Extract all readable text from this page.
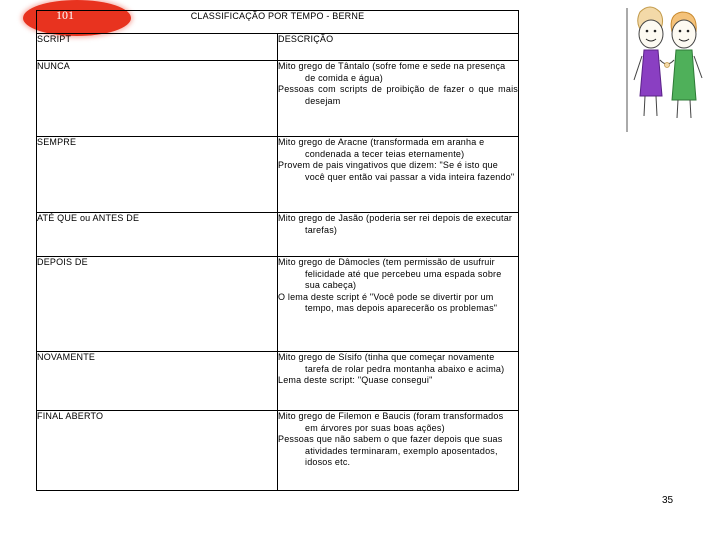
101	CLASSIFICAÇÃO POR TEMPO - BERNE	
SCRIPT	DESCRIÇÃO
NUNCA	Mito grego de Tântalo (sofre fome e sede na presença de comida e água)
Pessoas com scripts de proibição de fazer o que mais desejam

SEMPRE	Mito grego de Aracne (transformada em aranha e condenada a tecer teias eternamente)
Provem de pais vingativos que dizem: "Se é isto que você quer então vai passar a vida inteira fazendo"

ATÉ QUE ou ANTES DE	Mito grego de Jasão (poderia ser rei depois de executar tarefas)

DEPOIS DE	Mito grego de Dâmocles (tem permissão de usufruir felicidade até que percebeu uma espada sobre sua cabeça)
O lema deste script é "Você pode se divertir por um tempo, mas depois aparecerão os problemas"

NOVAMENTE	Mito grego de Sísifo (tinha que começar novamente tarefa de rolar pedra montanha abaixo e acima)
Lema deste script: "Quase consegui"

FINAL ABERTO	Mito grego de Filemon e Baucis (foram transformados em árvores por suas boas ações)
Pessoas que não sabem o que fazer depois que suas atividades terminaram, exemplo aposentados, idosos etc.
35
